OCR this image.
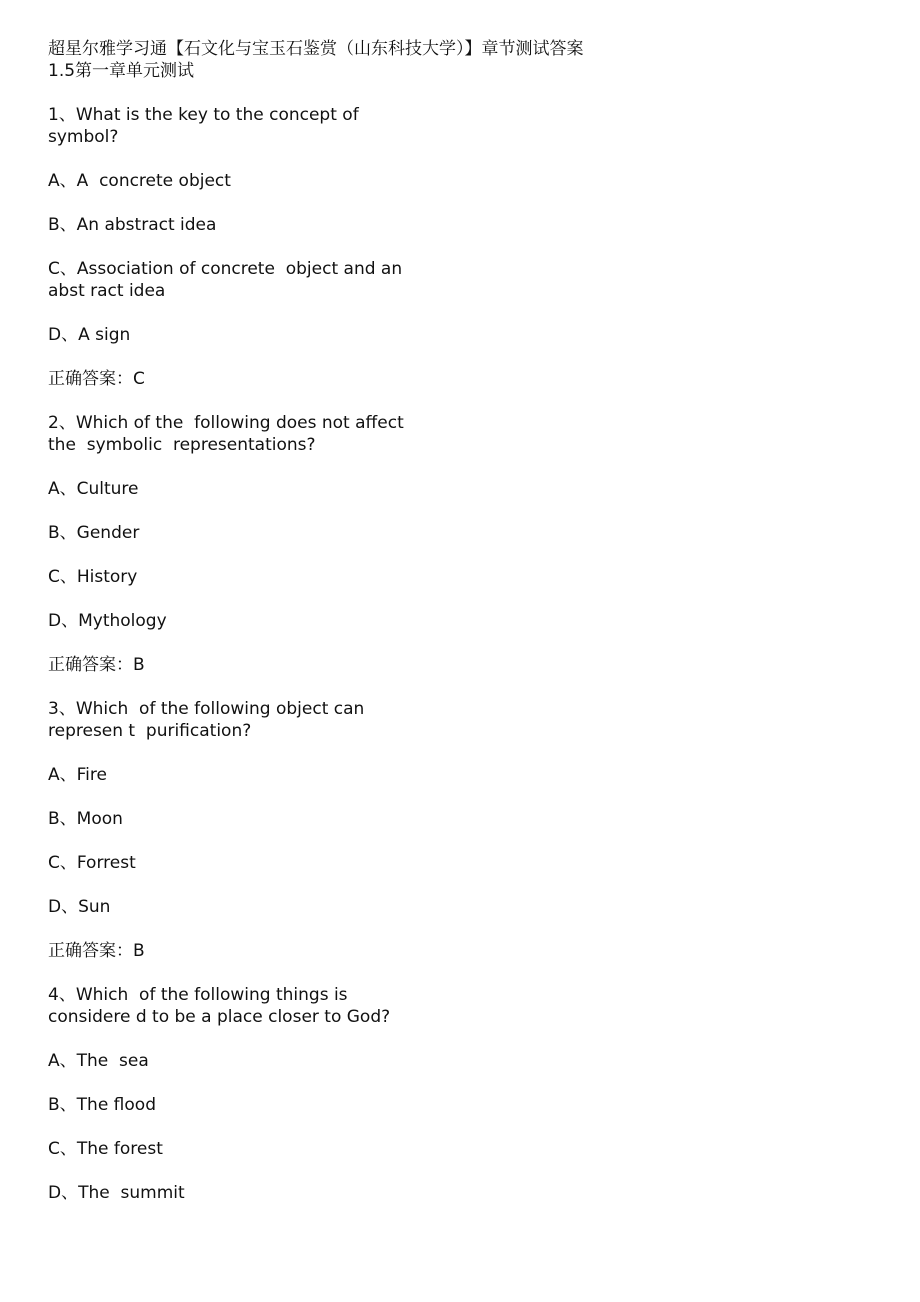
超星尔雅学习通【石文化与宝玉石鉴赏（山东科技大学）】章节测试答案

1.5第一章单元测试

1、What is the key to the concept of symbol?

A、A  concrete object

B、An abstract idea

C、Association of concrete  object and an abst ract idea

D、A sign

正确答案：C

2、Which of the  following does not affect the  symbolic  representations?

A、Culture

B、Gender

C、History

D、Mythology

正确答案：B

3、Which  of the following object can represen t  purification?

A、Fire

B、Moon

C、Forrest

D、Sun

正确答案：B

4、Which  of the following things is considere d to be a place closer to God?

A、The  sea

B、The flood

C、The forest

D、The  summit
